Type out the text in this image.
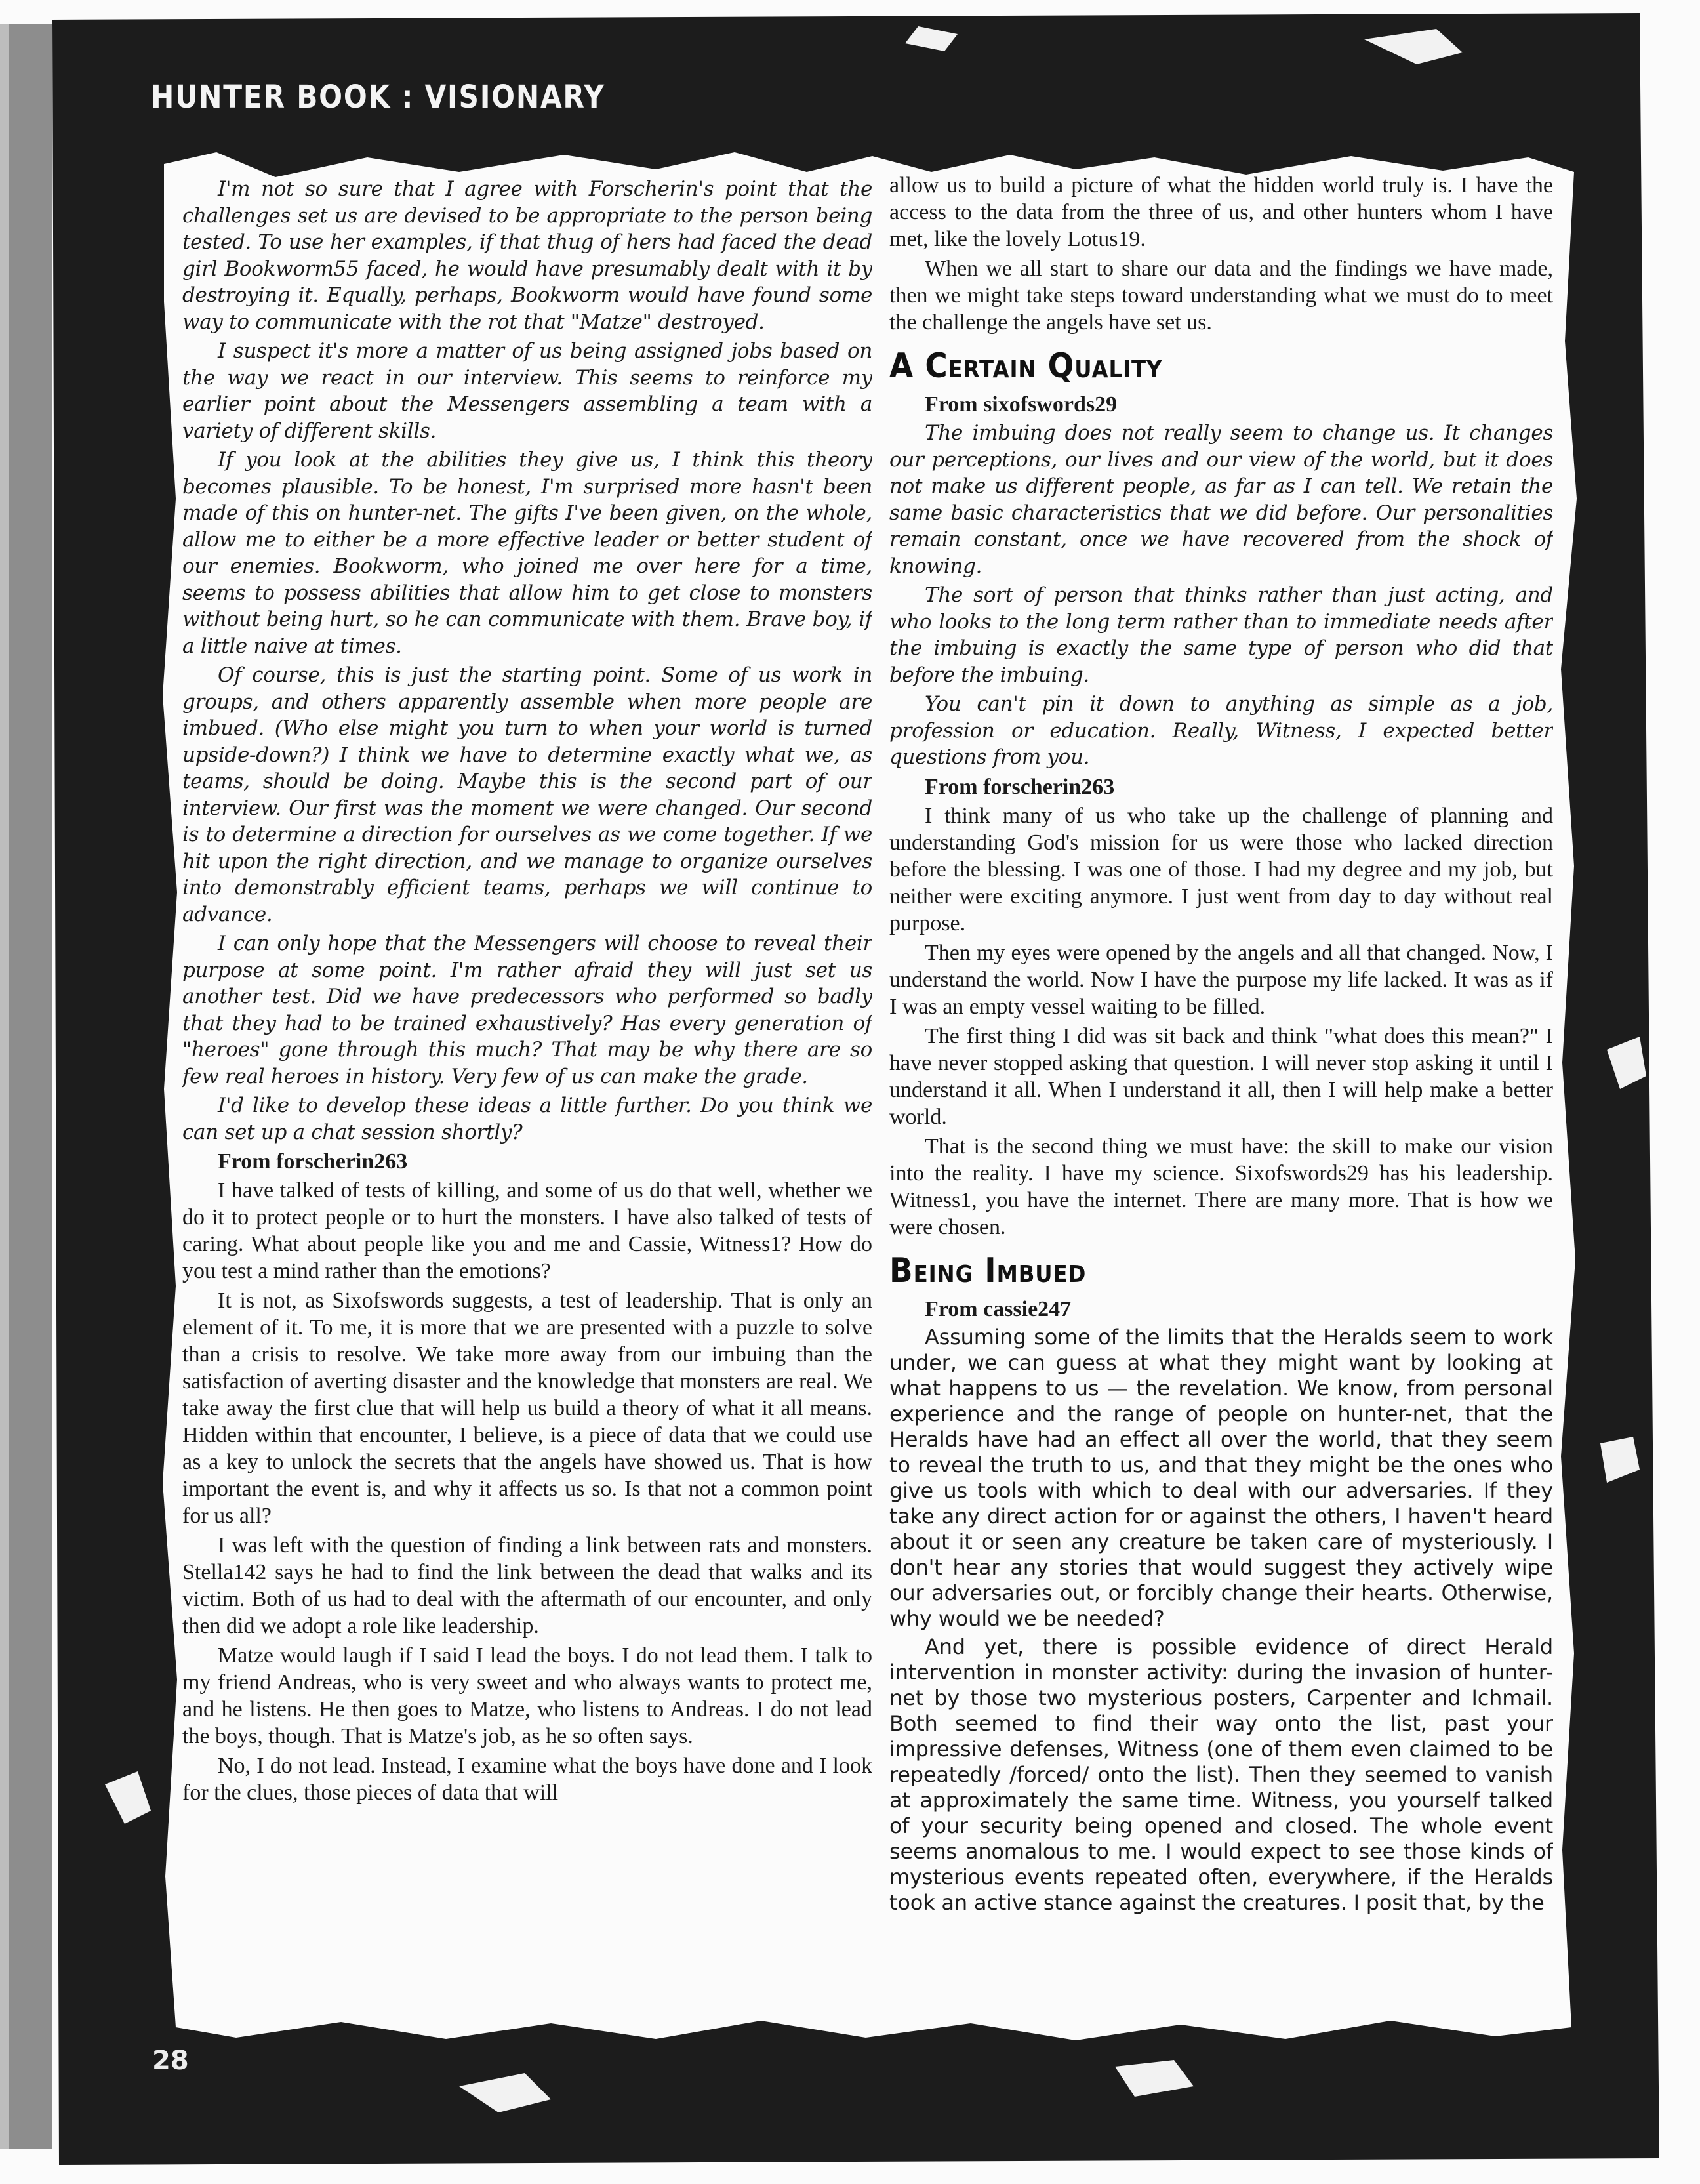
HUNTER BOOK : VISIONARY
28

I'm not so sure that I agree with Forscherin's point that the challenges set us are devised to be appropriate to the person being tested. To use her examples, if that thug of hers had faced the dead girl Bookworm55 faced, he would have presumably dealt with it by destroying it. Equally, perhaps, Bookworm would have found some way to communicate with the rot that "Matze" destroyed.

I suspect it's more a matter of us being assigned jobs based on the way we react in our interview. This seems to reinforce my earlier point about the Messengers assembling a team with a variety of different skills.

If you look at the abilities they give us, I think this theory becomes plausible. To be honest, I'm surprised more hasn't been made of this on hunter-net. The gifts I've been given, on the whole, allow me to either be a more effective leader or better student of our enemies. Bookworm, who joined me over here for a time, seems to possess abilities that allow him to get close to monsters without being hurt, so he can communicate with them. Brave boy, if a little naive at times.

Of course, this is just the starting point. Some of us work in groups, and others apparently assemble when more people are imbued. (Who else might you turn to when your world is turned upside-down?) I think we have to determine exactly what we, as teams, should be doing. Maybe this is the second part of our interview. Our first was the moment we were changed. Our second is to determine a direction for ourselves as we come together. If we hit upon the right direction, and we manage to organize ourselves into demonstrably efficient teams, perhaps we will continue to advance.

I can only hope that the Messengers will choose to reveal their purpose at some point. I'm rather afraid they will just set us another test. Did we have predecessors who performed so badly that they had to be trained exhaustively? Has every generation of "heroes" gone through this much? That may be why there are so few real heroes in history. Very few of us can make the grade.

I'd like to develop these ideas a little further. Do you think we can set up a chat session shortly?

From forscherin263

I have talked of tests of killing, and some of us do that well, whether we do it to protect people or to hurt the monsters. I have also talked of tests of caring. What about people like you and me and Cassie, Witness1? How do you test a mind rather than the emotions?

It is not, as Sixofswords suggests, a test of leadership. That is only an element of it. To me, it is more that we are presented with a puzzle to solve than a crisis to resolve. We take more away from our imbuing than the satisfaction of averting disaster and the knowledge that monsters are real. We take away the first clue that will help us build a theory of what it all means. Hidden within that encounter, I believe, is a piece of data that we could use as a key to unlock the secrets that the angels have showed us. That is how important the event is, and why it affects us so. Is that not a common point for us all?

I was left with the question of finding a link between rats and monsters. Stella142 says he had to find the link between the dead that walks and its victim. Both of us had to deal with the aftermath of our encounter, and only then did we adopt a role like leadership.

Matze would laugh if I said I lead the boys. I do not lead them. I talk to my friend Andreas, who is very sweet and who always wants to protect me, and he listens. He then goes to Matze, who listens to Andreas. I do not lead the boys, though. That is Matze's job, as he so often says.

No, I do not lead. Instead, I examine what the boys have done and I look for the clues, those pieces of data that will

allow us to build a picture of what the hidden world truly is. I have the access to the data from the three of us, and other hunters whom I have met, like the lovely Lotus19.

When we all start to share our data and the findings we have made, then we might take steps toward understanding what we must do to meet the challenge the angels have set us.

A Certain Quality
From sixofswords29

The imbuing does not really seem to change us. It changes our perceptions, our lives and our view of the world, but it does not make us different people, as far as I can tell. We retain the same basic characteristics that we did before. Our personalities remain constant, once we have recovered from the shock of knowing.

The sort of person that thinks rather than just acting, and who looks to the long term rather than to immediate needs after the imbuing is exactly the same type of person who did that before the imbuing.

You can't pin it down to anything as simple as a job, profession or education. Really, Witness, I expected better questions from you.

From forscherin263

I think many of us who take up the challenge of planning and understanding God's mission for us were those who lacked direction before the blessing. I was one of those. I had my degree and my job, but neither were exciting anymore. I just went from day to day without real purpose.

Then my eyes were opened by the angels and all that changed. Now, I understand the world. Now I have the purpose my life lacked. It was as if I was an empty vessel waiting to be filled.

The first thing I did was sit back and think "what does this mean?" I have never stopped asking that question. I will never stop asking it until I understand it all. When I understand it all, then I will help make a better world.

That is the second thing we must have: the skill to make our vision into the reality. I have my science. Sixofswords29 has his leadership. Witness1, you have the internet. There are many more. That is how we were chosen.

Being Imbued
From cassie247

Assuming some of the limits that the Heralds seem to work under, we can guess at what they might want by looking at what happens to us — the revelation. We know, from personal experience and the range of people on hunter-net, that the Heralds have had an effect all over the world, that they seem to reveal the truth to us, and that they might be the ones who give us tools with which to deal with our adversaries. If they take any direct action for or against the others, I haven't heard about it or seen any creature be taken care of mysteriously. I don't hear any stories that would suggest they actively wipe our adversaries out, or forcibly change their hearts. Otherwise, why would we be needed?

And yet, there is possible evidence of direct Herald intervention in monster activity: during the invasion of hunter-net by those two mysterious posters, Carpenter and Ichmail. Both seemed to find their way onto the list, past your impressive defenses, Witness (one of them even claimed to be repeatedly /forced/ onto the list). Then they seemed to vanish at approximately the same time. Witness, you yourself talked of your security being opened and closed. The whole event seems anomalous to me. I would expect to see those kinds of mysterious events repeated often, everywhere, if the Heralds took an active stance against the creatures. I posit that, by the
